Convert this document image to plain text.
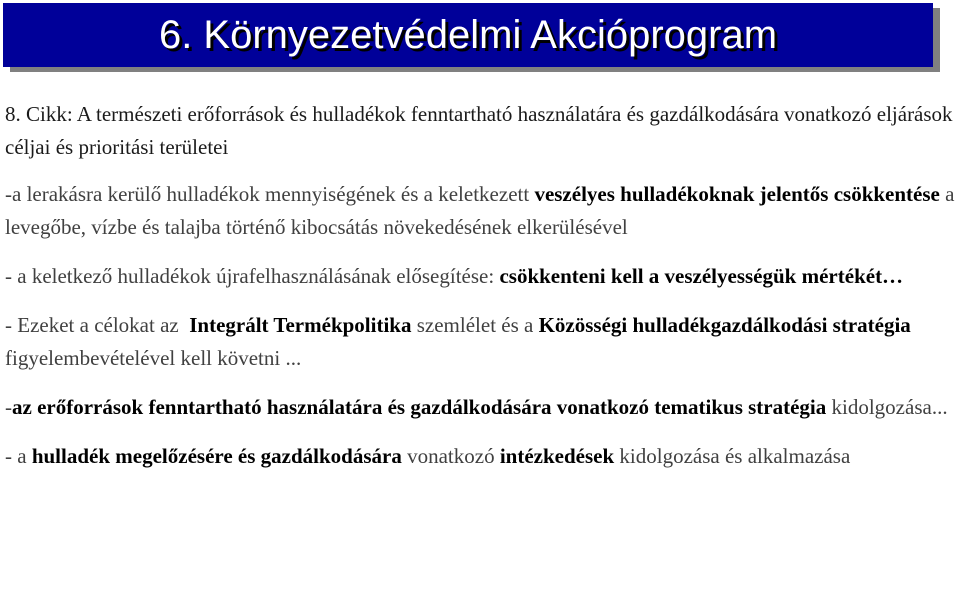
6. Környezetvédelmi Akcióprogram

8. Cikk: A természeti erőforrások és hulladékok fenntartható használatára és gazdálkodására vonatkozó eljárások céljai és prioritási területei

-a lerakásra kerülő hulladékok mennyiségének és a keletkezett veszélyes hulladékoknak jelentős csökkentése a levegőbe, vízbe és talajba történő kibocsátás növekedésének elkerülésével

- a keletkező hulladékok újrafelhasználásának elősegítése: csökkenteni kell a veszélyességük mértékét…

- Ezeket a célokat az  Integrált Termékpolitika szemlélet és a Közösségi hulladékgazdálkodási stratégia figyelembevételével kell követni ...

-az erőforrások fenntartható használatára és gazdálkodására vonatkozó tematikus stratégia kidolgozása...

- a hulladék megelőzésére és gazdálkodására vonatkozó intézkedések kidolgozása és alkalmazása
